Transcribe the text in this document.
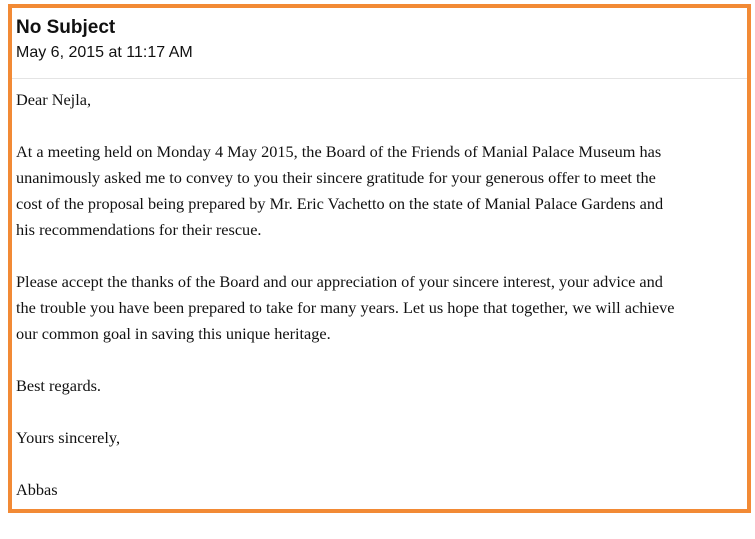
No Subject
May 6, 2015 at 11:17 AM

Dear Nejla,

At a meeting held on Monday 4 May 2015, the Board of the Friends of Manial Palace Museum has
unanimously asked me to convey to you their sincere gratitude for your generous offer to meet the
cost of the proposal being prepared by Mr. Eric Vachetto on the state of Manial Palace Gardens and
his recommendations for their rescue.

Please accept the thanks of the Board and our appreciation of your sincere interest, your advice and
the trouble you have been prepared to take for many years. Let us hope that together, we will achieve
our common goal in saving this unique heritage.

Best regards.

Yours sincerely,

Abbas
